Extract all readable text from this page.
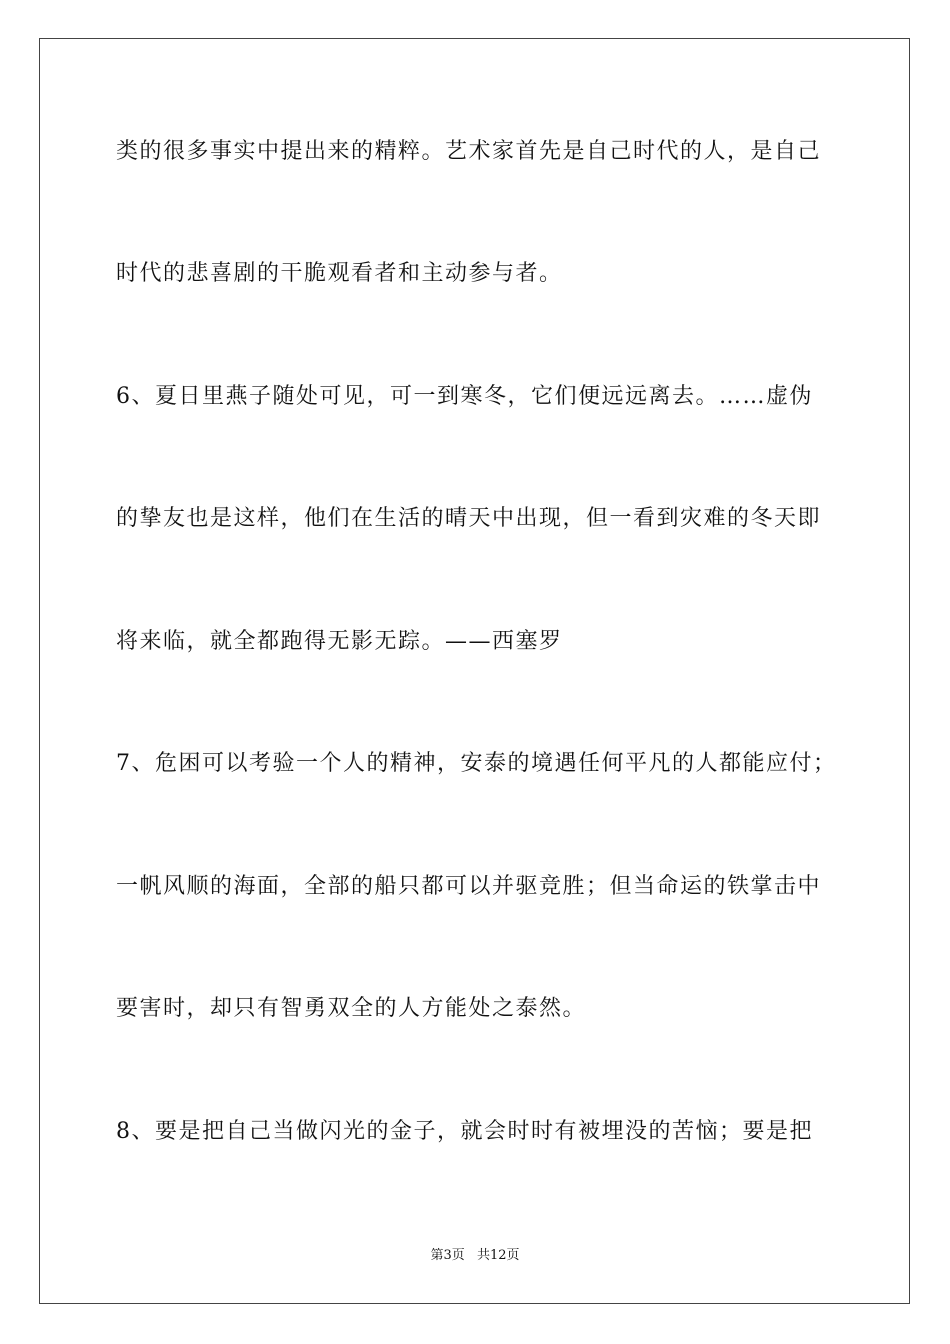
类的很多事实中提出来的精粹。艺术家首先是自己时代的人，是自己
时代的悲喜剧的干脆观看者和主动参与者。
6、夏日里燕子随处可见，可一到寒冬，它们便远远离去。……虚伪
的挚友也是这样，他们在生活的晴天中出现，但一看到灾难的冬天即
将来临，就全都跑得无影无踪。——西塞罗
7、危困可以考验一个人的精神，安泰的境遇任何平凡的人都能应付；
一帆风顺的海面，全部的船只都可以并驱竞胜；但当命运的铁掌击中
要害时，却只有智勇双全的人方能处之泰然。
8、要是把自己当做闪光的金子，就会时时有被埋没的苦恼；要是把
第3页 共12页
